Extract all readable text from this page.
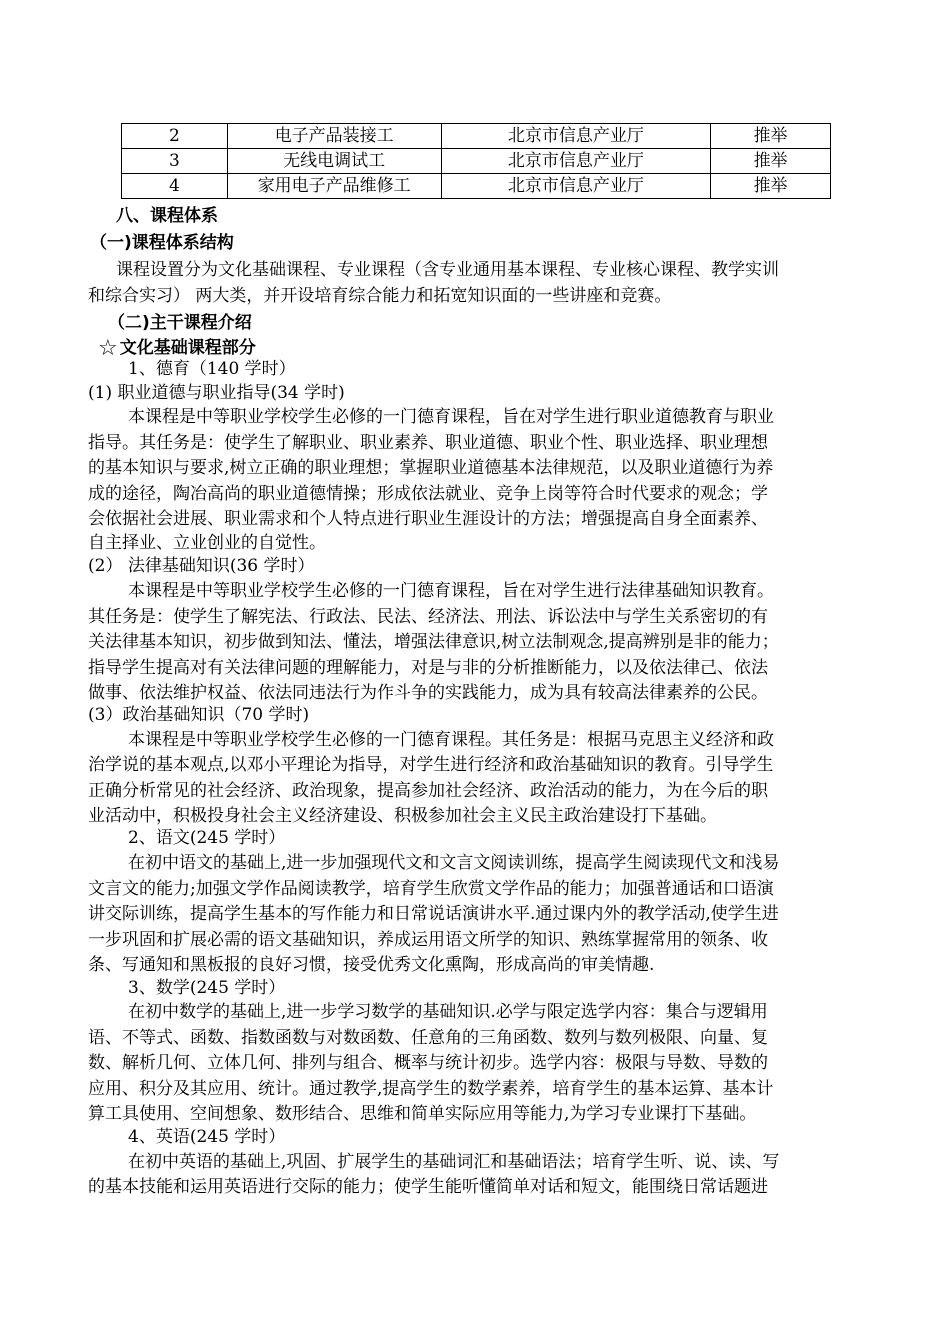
2	电子产品装接工	北京市信息产业厅	推举
3	无线电调试工	北京市信息产业厅	推举
4	家用电子产品维修工	北京市信息产业厅	推举
八、课程体系
（一)课程体系结构
课程设置分为文化基础课程、专业课程（含专业通用基本课程、专业核心课程、教学实训
和综合实习） 两大类，并开设培育综合能力和拓宽知识面的一些讲座和竞赛。
（二)主干课程介绍
☆ 文化基础课程部分
1、德育（140 学时）
(1) 职业道德与职业指导(34 学时)
本课程是中等职业学校学生必修的一门德育课程，旨在对学生进行职业道德教育与职业
指导。其任务是：使学生了解职业、职业素养、职业道德、职业个性、职业选择、职业理想
的基本知识与要求,树立正确的职业理想；掌握职业道德基本法律规范，以及职业道德行为养
成的途径，陶冶高尚的职业道德情操；形成依法就业、竞争上岗等符合时代要求的观念；学
会依据社会进展、职业需求和个人特点进行职业生涯设计的方法；增强提高自身全面素养、
自主择业、立业创业的自觉性。
(2） 法律基础知识(36 学时）
本课程是中等职业学校学生必修的一门德育课程，旨在对学生进行法律基础知识教育。
其任务是：使学生了解宪法、行政法、民法、经济法、刑法、诉讼法中与学生关系密切的有
关法律基本知识，初步做到知法、懂法，增强法律意识,树立法制观念,提高辨别是非的能力；
指导学生提高对有关法律问题的理解能力，对是与非的分析推断能力，以及依法律己、依法
做事、依法维护权益、依法同违法行为作斗争的实践能力，成为具有较高法律素养的公民。
(3）政治基础知识（70 学时)
本课程是中等职业学校学生必修的一门德育课程。其任务是：根据马克思主义经济和政
治学说的基本观点,以邓小平理论为指导，对学生进行经济和政治基础知识的教育。引导学生
正确分析常见的社会经济、政治现象，提高参加社会经济、政治活动的能力，为在今后的职
业活动中，积极投身社会主义经济建设、积极参加社会主义民主政治建设打下基础。
2、语文(245 学时）
在初中语文的基础上,进一步加强现代文和文言文阅读训练，提高学生阅读现代文和浅易
文言文的能力;加强文学作品阅读教学，培育学生欣赏文学作品的能力；加强普通话和口语演
讲交际训练，提高学生基本的写作能力和日常说话演讲水平.通过课内外的教学活动,使学生进
一步巩固和扩展必需的语文基础知识，养成运用语文所学的知识、熟练掌握常用的领条、收
条、写通知和黑板报的良好习惯，接受优秀文化熏陶，形成高尚的审美情趣.
3、数学(245 学时）
在初中数学的基础上,进一步学习数学的基础知识.必学与限定选学内容：集合与逻辑用
语、不等式、函数、指数函数与对数函数、任意角的三角函数、数列与数列极限、向量、复
数、解析几何、立体几何、排列与组合、概率与统计初步。选学内容：极限与导数、导数的
应用、积分及其应用、统计。通过教学,提高学生的数学素养，培育学生的基本运算、基本计
算工具使用、空间想象、数形结合、思维和简单实际应用等能力,为学习专业课打下基础。
4、英语(245 学时）
在初中英语的基础上,巩固、扩展学生的基础词汇和基础语法；培育学生听、说、读、写
的基本技能和运用英语进行交际的能力；使学生能听懂简单对话和短文，能围绕日常话题进
